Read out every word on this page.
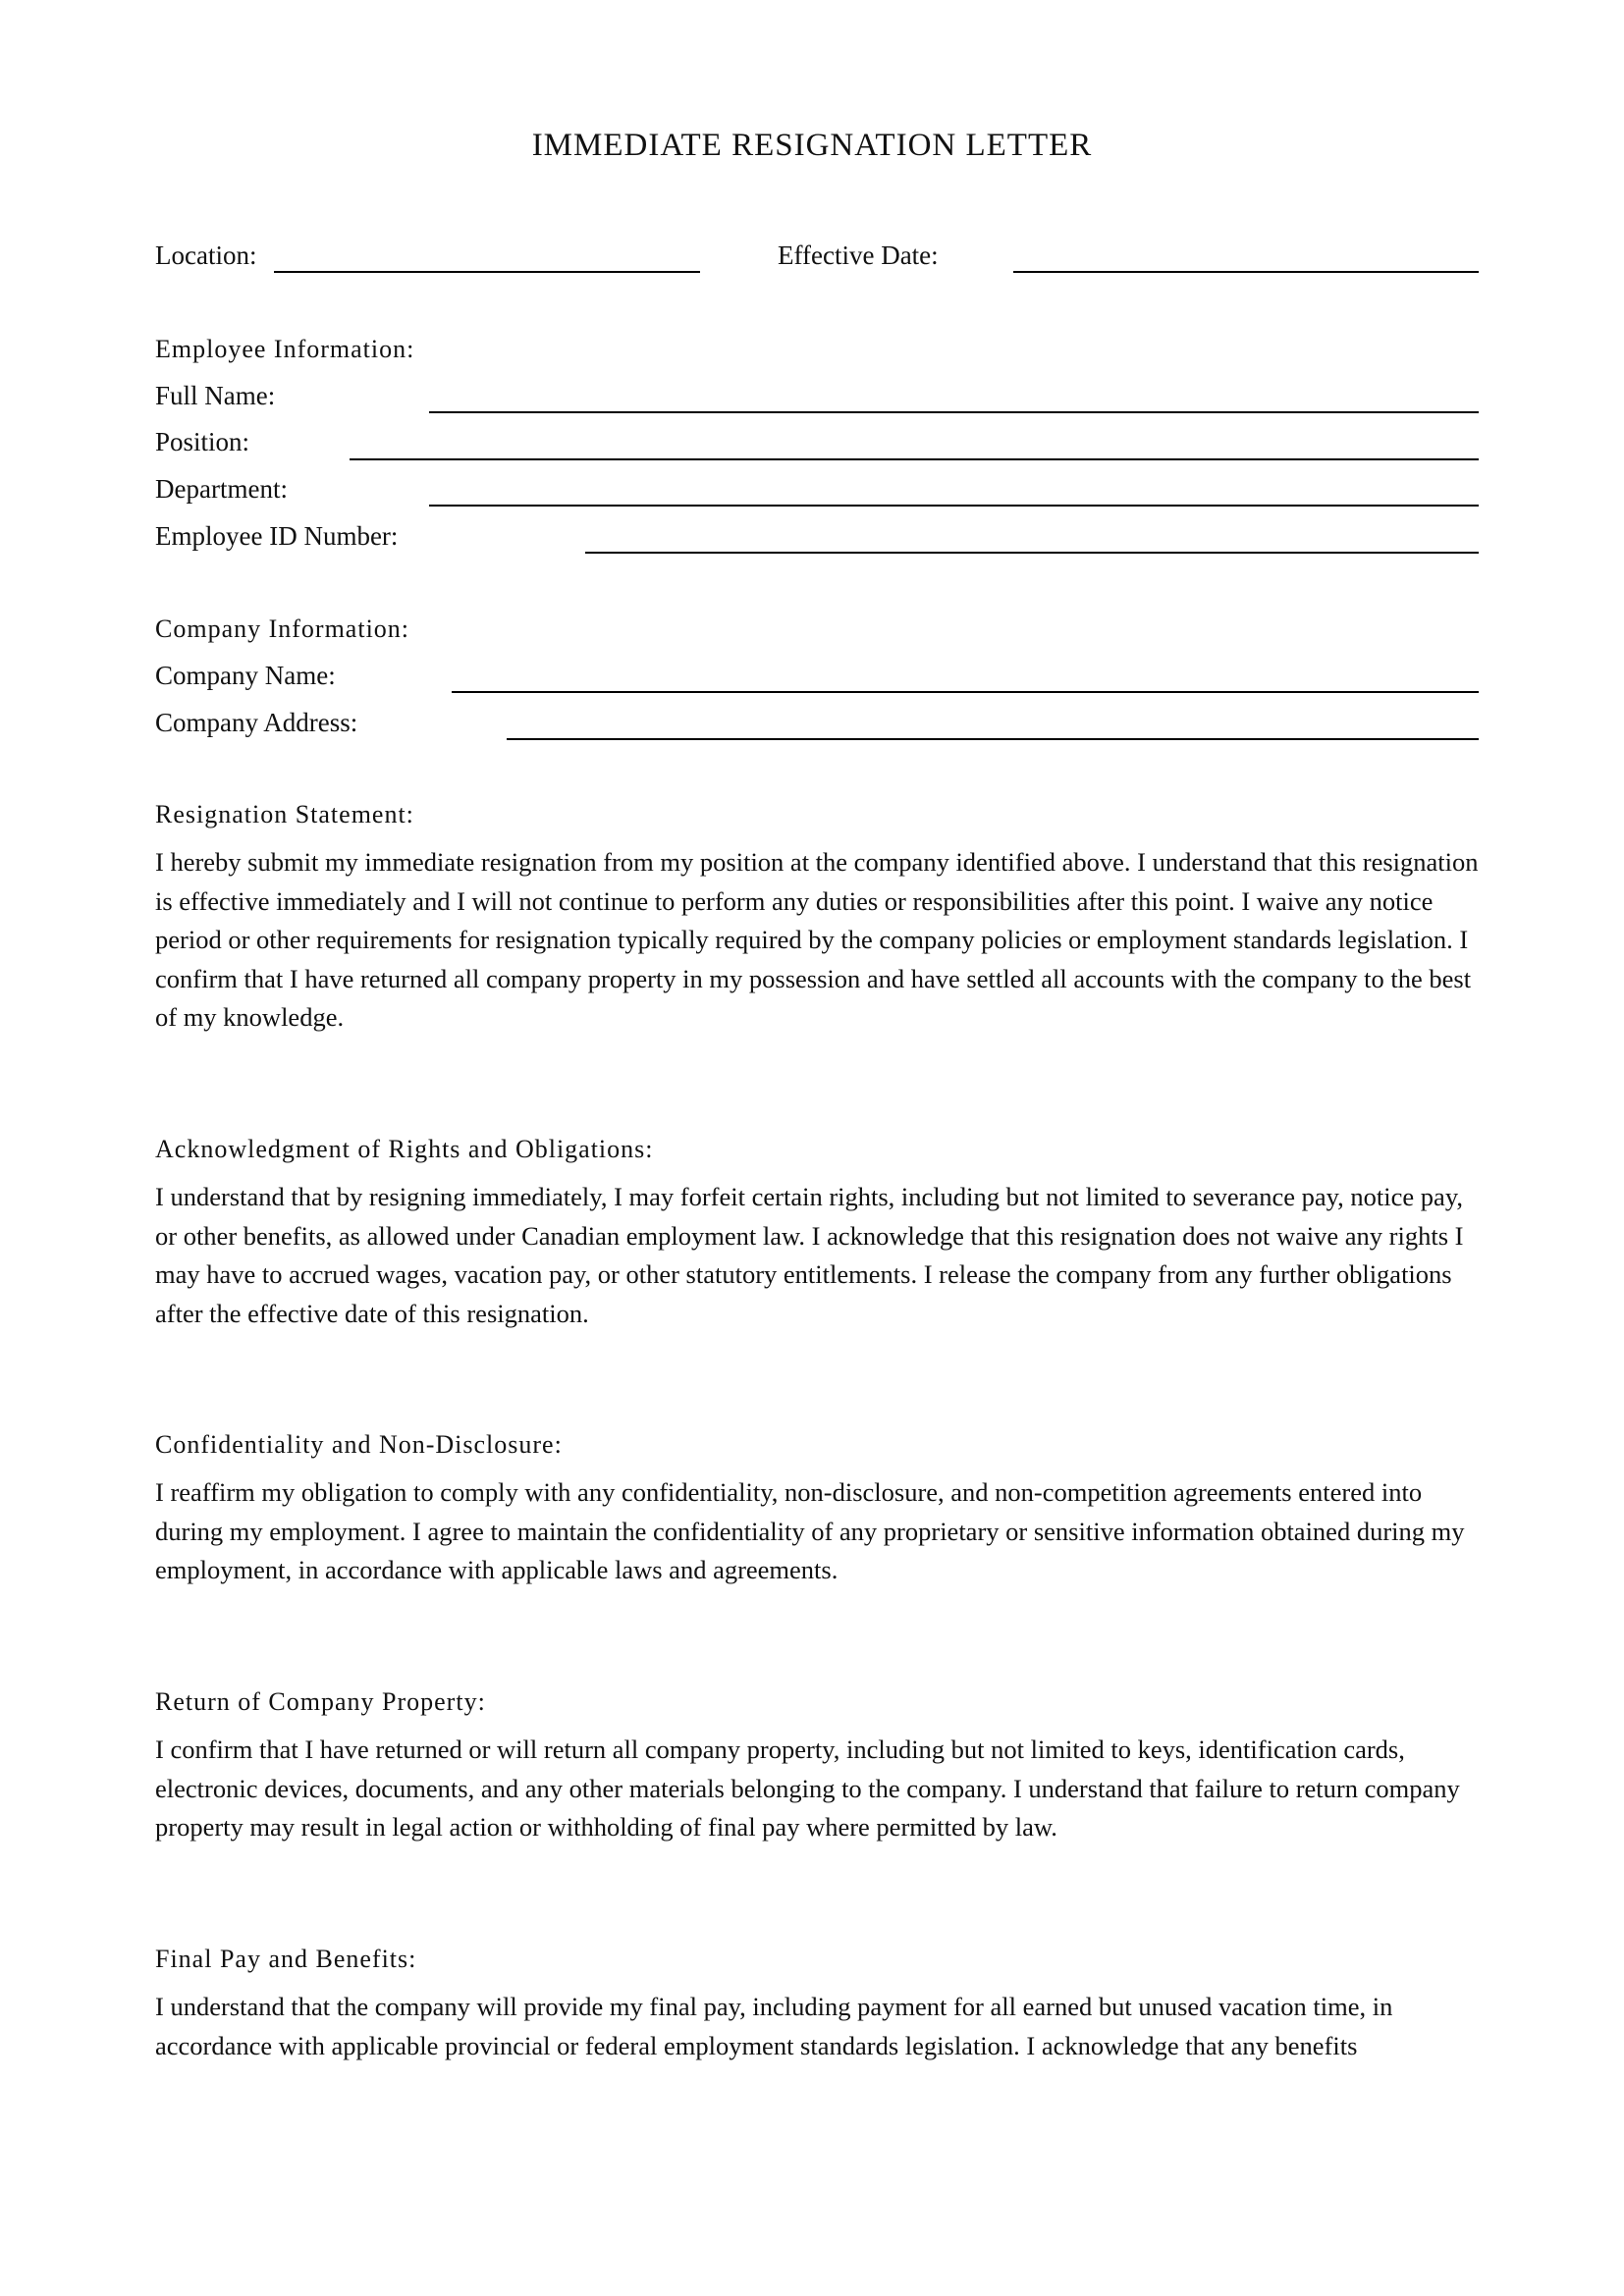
IMMEDIATE RESIGNATION LETTER
Location:	Effective Date:
Employee Information:
Full Name:
Position:
Department:
Employee ID Number:
Company Information:
Company Name:
Company Address:
Resignation Statement:

I hereby submit my immediate resignation from my position at the company identified above. I understand that this resignation is effective immediately and I will not continue to perform any duties or responsibilities after this point. I waive any notice period or other requirements for resignation typically required by the company policies or employment standards legislation. I confirm that I have returned all company property in my possession and have settled all accounts with the company to the best of my knowledge.

Acknowledgment of Rights and Obligations:

I understand that by resigning immediately, I may forfeit certain rights, including but not limited to severance pay, notice pay, or other benefits, as allowed under Canadian employment law. I acknowledge that this resignation does not waive any rights I may have to accrued wages, vacation pay, or other statutory entitlements. I release the company from any further obligations after the effective date of this resignation.

Confidentiality and Non-Disclosure:

I reaffirm my obligation to comply with any confidentiality, non-disclosure, and non-competition agreements entered into during my employment. I agree to maintain the confidentiality of any proprietary or sensitive information obtained during my employment, in accordance with applicable laws and agreements.

Return of Company Property:

I confirm that I have returned or will return all company property, including but not limited to keys, identification cards, electronic devices, documents, and any other materials belonging to the company. I understand that failure to return company property may result in legal action or withholding of final pay where permitted by law.

Final Pay and Benefits:

I understand that the company will provide my final pay, including payment for all earned but unused vacation time, in accordance with applicable provincial or federal employment standards legislation. I acknowledge that any benefits
